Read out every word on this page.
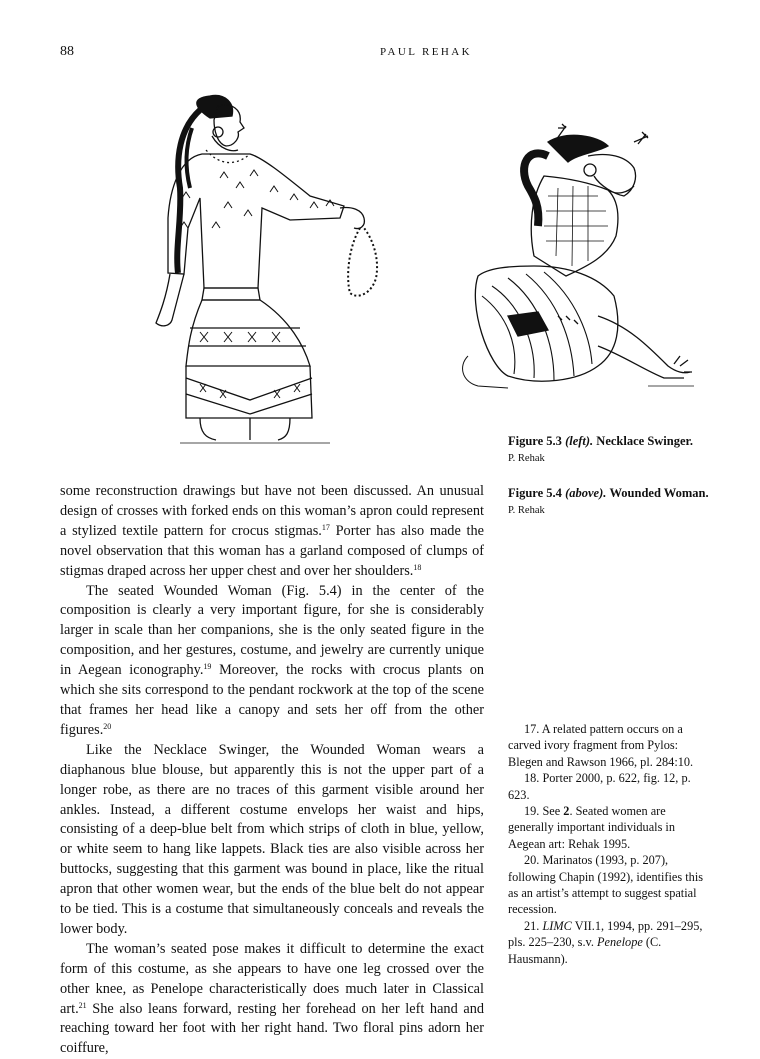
88	PAUL REHAK
Figure 5.3 (left). Necklace Swinger.
P. Rehak
Figure 5.4 (above). Wounded Woman. P. Rehak

some reconstruction drawings but have not been discussed. An unusual design of crosses with forked ends on this woman’s apron could represent a stylized textile pattern for crocus stigmas.$^{17}$ Porter has also made the novel observation that this woman has a garland composed of clumps of stigmas draped across her upper chest and over her shoulders.$^{18}$

The seated Wounded Woman (Fig. 5.4) in the center of the composition is clearly a very important figure, for she is considerably larger in scale than her companions, she is the only seated figure in the composition, and her gestures, costume, and jewelry are currently unique in Aegean iconography.$^{19}$ Moreover, the rocks with crocus plants on which she sits correspond to the pendant rockwork at the top of the scene that frames her head like a canopy and sets her off from the other figures.$^{20}$

Like the Necklace Swinger, the Wounded Woman wears a diaphanous blue blouse, but apparently this is not the upper part of a longer robe, as there are no traces of this garment visible around her ankles. Instead, a different costume envelops her waist and hips, consisting of a deep-blue belt from which strips of cloth in blue, yellow, or white seem to hang like lappets. Black ties are also visible across her buttocks, suggesting that this garment was bound in place, like the ritual apron that other women wear, but the ends of the blue belt do not appear to be tied. This is a costume that simultaneously conceals and reveals the lower body.

The woman’s seated pose makes it difficult to determine the exact form of this costume, as she appears to have one leg crossed over the other knee, as Penelope characteristically does much later in Classical art.$^{21}$ She also leans forward, resting her forehead on her left hand and reaching toward her foot with her right hand. Two floral pins adorn her coiffure,

17. A related pattern occurs on a carved ivory fragment from Pylos: Blegen and Rawson 1966, pl. 284:10.

18. Porter 2000, p. 622, fig. 12, p. 623.

19. See 2. Seated women are generally important individuals in Aegean art: Rehak 1995.

20. Marinatos (1993, p. 207), following Chapin (1992), identifies this as an artist’s attempt to suggest spatial recession.

21. LIMC VII.1, 1994, pp. 291–295, pls. 225–230, s.v. Penelope (C. Hausmann).
